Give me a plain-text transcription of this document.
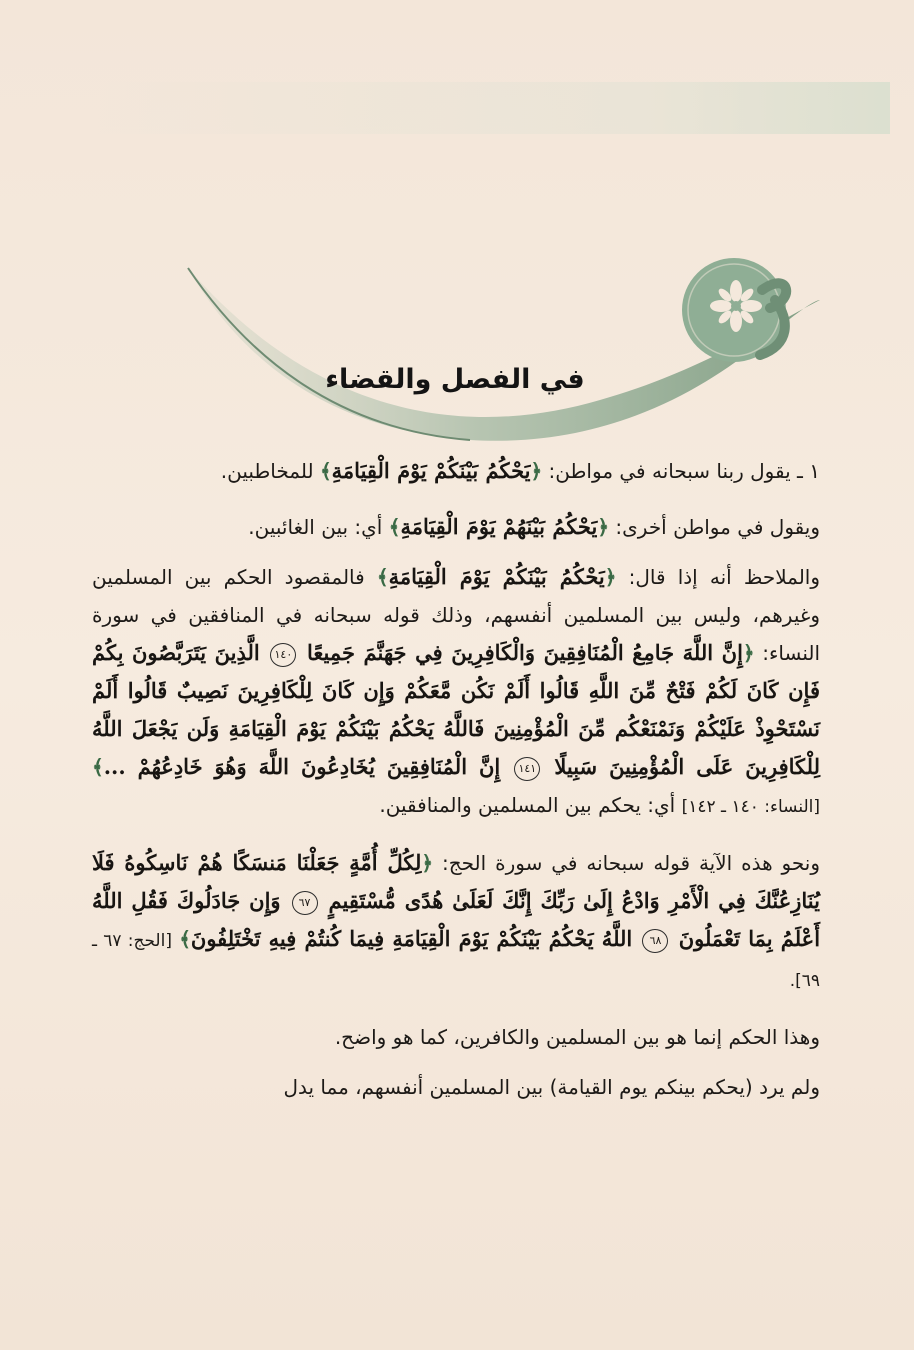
في الفصل والقضاء

١ ـ يقول ربنا سبحانه في مواطن: ﴿يَحْكُمُ بَيْنَكُمْ يَوْمَ الْقِيَامَةِ﴾ للمخاطبين.

ويقول في مواطن أخرى: ﴿يَحْكُمُ بَيْنَهُمْ يَوْمَ الْقِيَامَةِ﴾ أي: بين الغائبين.

والملاحظ أنه إذا قال: ﴿يَحْكُمُ بَيْنَكُمْ يَوْمَ الْقِيَامَةِ﴾ فالمقصود الحكم بين المسلمين وغيرهم، وليس بين المسلمين أنفسهم، وذلك قوله سبحانه في المنافقين في سورة النساء: ﴿إِنَّ اللَّهَ جَامِعُ الْمُنَافِقِينَ وَالْكَافِرِينَ فِي جَهَنَّمَ جَمِيعًا ١٤٠ الَّذِينَ يَتَرَبَّصُونَ بِكُمْ فَإِن كَانَ لَكُمْ فَتْحٌ مِّنَ اللَّهِ قَالُوا أَلَمْ نَكُن مَّعَكُمْ وَإِن كَانَ لِلْكَافِرِينَ نَصِيبٌ قَالُوا أَلَمْ نَسْتَحْوِذْ عَلَيْكُمْ وَنَمْنَعْكُم مِّنَ الْمُؤْمِنِينَ فَاللَّهُ يَحْكُمُ بَيْنَكُمْ يَوْمَ الْقِيَامَةِ وَلَن يَجْعَلَ اللَّهُ لِلْكَافِرِينَ عَلَى الْمُؤْمِنِينَ سَبِيلًا ١٤١ إِنَّ الْمُنَافِقِينَ يُخَادِعُونَ اللَّهَ وَهُوَ خَادِعُهُمْ ...﴾ [النساء: ١٤٠ ـ ١٤٢] أي: يحكم بين المسلمين والمنافقين.

ونحو هذه الآية قوله سبحانه في سورة الحج: ﴿لِكُلِّ أُمَّةٍ جَعَلْنَا مَنسَكًا هُمْ نَاسِكُوهُ فَلَا يُنَازِعُنَّكَ فِي الْأَمْرِ وَادْعُ إِلَىٰ رَبِّكَ إِنَّكَ لَعَلَىٰ هُدًى مُّسْتَقِيمٍ ٦٧ وَإِن جَادَلُوكَ فَقُلِ اللَّهُ أَعْلَمُ بِمَا تَعْمَلُونَ ٦٨ اللَّهُ يَحْكُمُ بَيْنَكُمْ يَوْمَ الْقِيَامَةِ فِيمَا كُنتُمْ فِيهِ تَخْتَلِفُونَ﴾ [الحج: ٦٧ ـ ٦٩].

وهذا الحكم إنما هو بين المسلمين والكافرين، كما هو واضح.

ولم يرد (يحكم بينكم يوم القيامة) بين المسلمين أنفسهم، مما يدل
